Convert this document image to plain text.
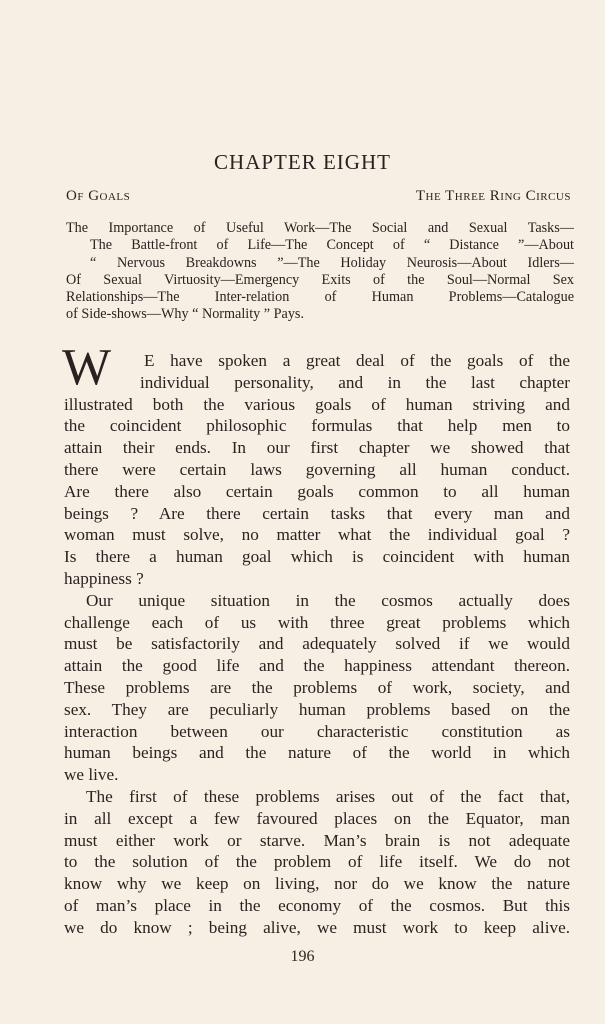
CHAPTER EIGHT
Of Goals	The Three Ring Circus
The Importance of Useful Work—The Social and Sexual Tasks—
The Battle-front of Life—The Concept of “ Distance ”—About
“ Nervous Breakdowns ”—The Holiday Neurosis—About Idlers—
Of Sexual Virtuosity—Emergency Exits of the Soul—Normal Sex
Relationships—The Inter-relation of Human Problems—Catalogue
of Side-shows—Why “ Normality ” Pays.
W	E have spoken a great deal of the goals of the
individual personality, and in the last chapter
illustrated both the various goals of human striving and
the coincident philosophic formulas that help men to
attain their ends. In our first chapter we showed that
there were certain laws governing all human conduct.
Are there also certain goals common to all human
beings ? Are there certain tasks that every man and
woman must solve, no matter what the individual goal ?
Is there a human goal which is coincident with human
happiness ?
Our unique situation in the cosmos actually does
challenge each of us with three great problems which
must be satisfactorily and adequately solved if we would
attain the good life and the happiness attendant thereon.
These problems are the problems of work, society, and
sex. They are peculiarly human problems based on the
interaction between our characteristic constitution as
human beings and the nature of the world in which
we live.
The first of these problems arises out of the fact that,
in all except a few favoured places on the Equator, man
must either work or starve. Man’s brain is not adequate
to the solution of the problem of life itself. We do not
know why we keep on living, nor do we know the nature
of man’s place in the economy of the cosmos. But this
we do know ; being alive, we must work to keep alive.
196
